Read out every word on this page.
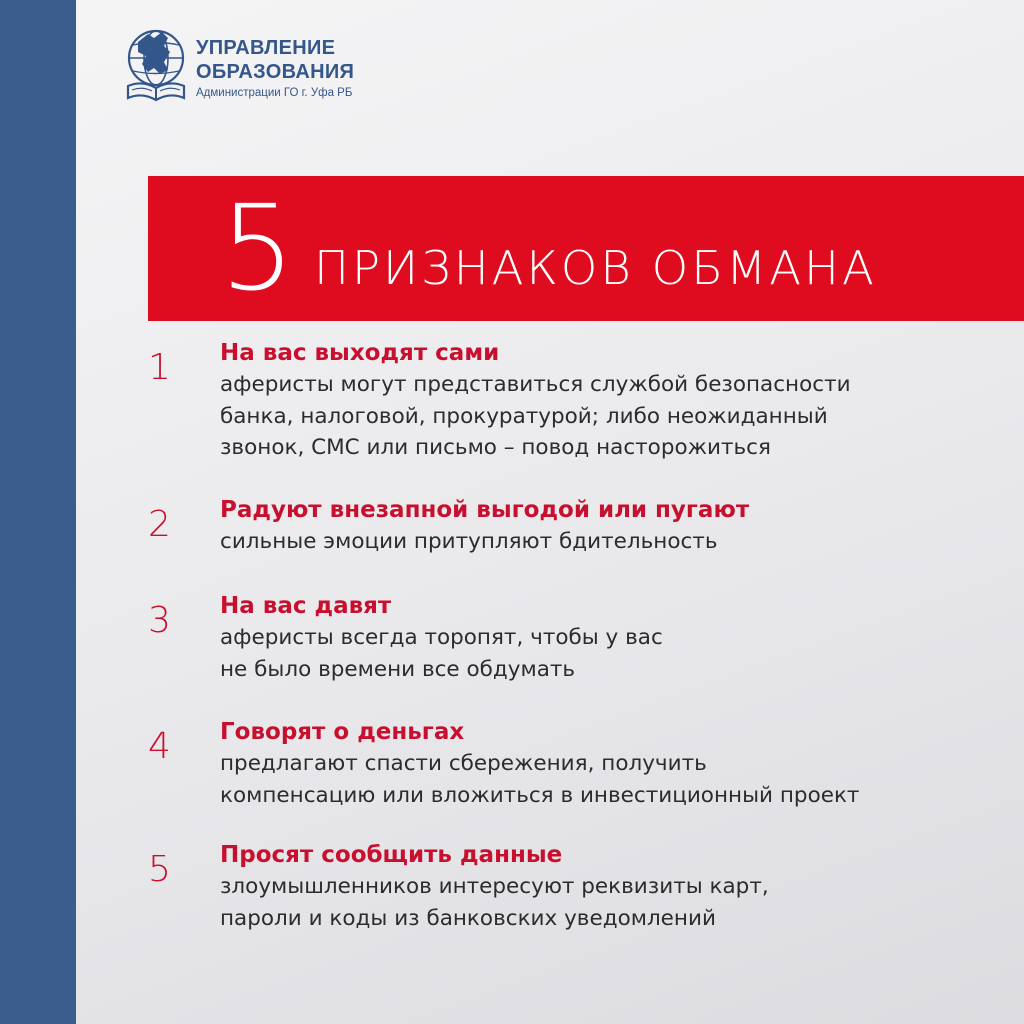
УПРАВЛЕНИЕ
ОБРАЗОВАНИЯ
Администрации ГО г. Уфа РБ
5 ПРИЗНАКОВ ОБМАНА
1	На вас выходят сами
аферисты могут представиться службой безопасности
банка, налоговой, прокуратурой; либо неожиданный
звонок, СМС или письмо – повод насторожиться
2	Радуют внезапной выгодой или пугают
сильные эмоции притупляют бдительность
3	На вас давят
аферисты всегда торопят, чтобы у вас
не было времени все обдумать
4	Говорят о деньгах
предлагают спасти сбережения, получить
компенсацию или вложиться в инвестиционный проект
5	Просят сообщить данные
злоумышленников интересуют реквизиты карт,
пароли и коды из банковских уведомлений
